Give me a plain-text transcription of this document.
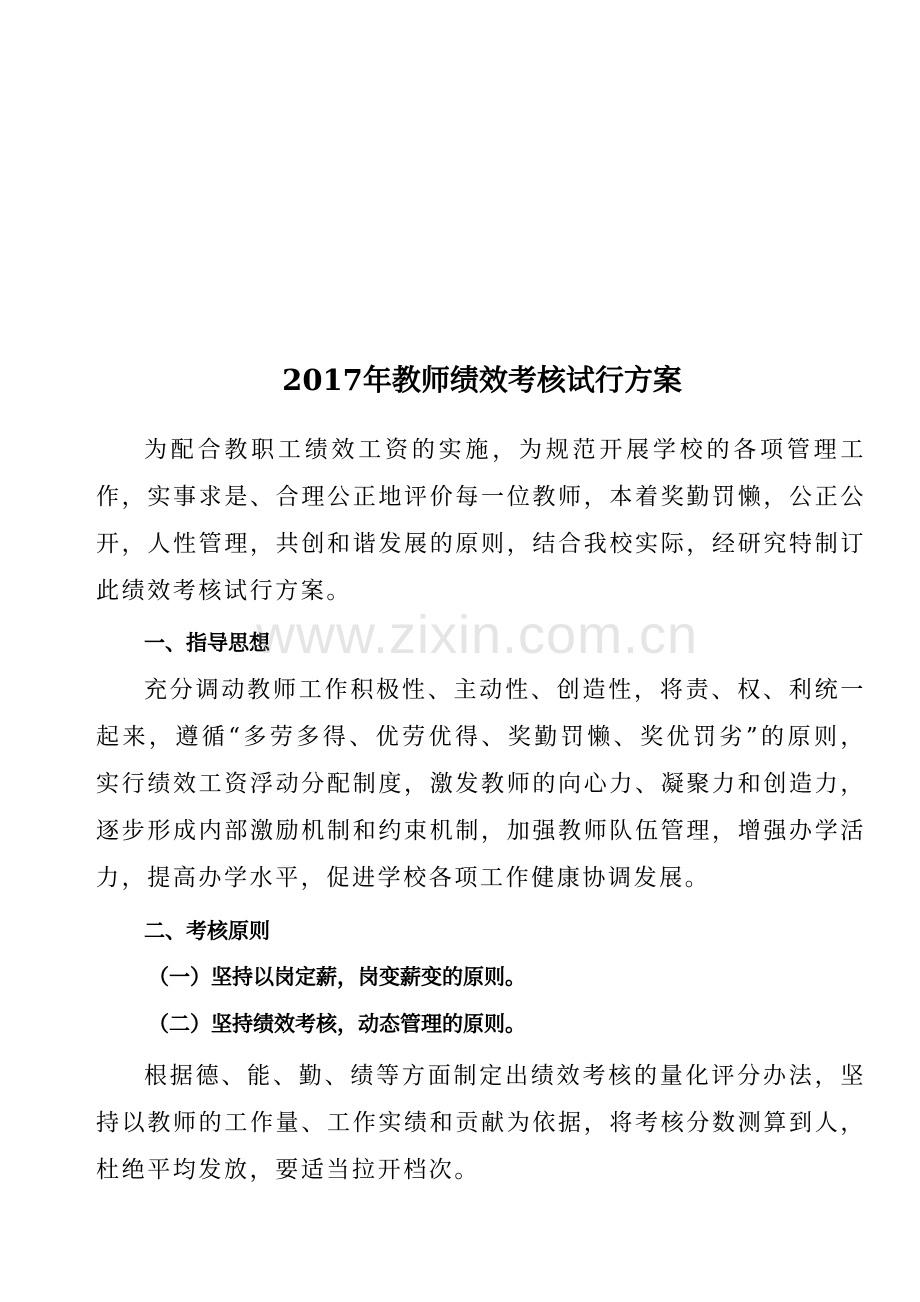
2017年教师绩效考核试行方案

为配合教职工绩效工资的实施，为规范开展学校的各项管理工作，实事求是、合理公正地评价每一位教师，本着奖勤罚懒，公正公开，人性管理，共创和谐发展的原则，结合我校实际，经研究特制订此绩效考核试行方案。

一、指导思想

充分调动教师工作积极性、主动性、创造性，将责、权、利统一起来，遵循“多劳多得、优劳优得、奖勤罚懒、奖优罚劣”的原则，实行绩效工资浮动分配制度，激发教师的向心力、凝聚力和创造力，逐步形成内部激励机制和约束机制，加强教师队伍管理，增强办学活力，提高办学水平，促进学校各项工作健康协调发展。

二、考核原则

（一）坚持以岗定薪，岗变薪变的原则。

（二）坚持绩效考核，动态管理的原则。

根据德、能、勤、绩等方面制定出绩效考核的量化评分办法，坚持以教师的工作量、工作实绩和贡献为依据，将考核分数测算到人，杜绝平均发放，要适当拉开档次。

www.zixin.com.cn
